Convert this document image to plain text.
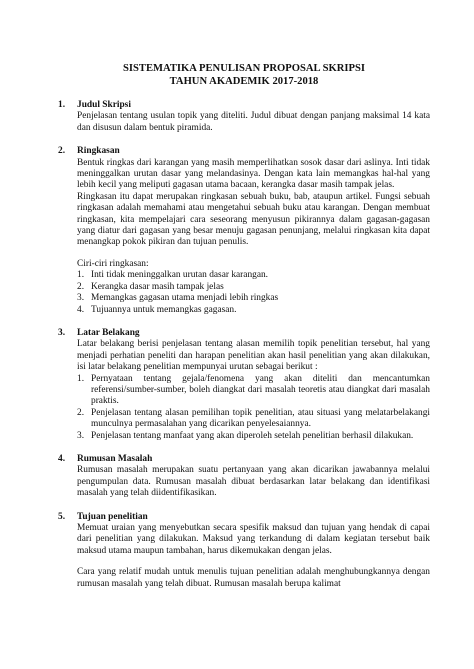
SISTEMATIKA PENULISAN PROPOSAL SKRIPSI
TAHUN AKADEMIK 2017-2018
1.	Judul Skripsi

Penjelasan tentang usulan topik yang diteliti. Judul dibuat dengan panjang maksimal 14 kata dan disusun dalam bentuk piramida.

2.	Ringkasan

Bentuk ringkas dari karangan yang masih memperlihatkan sosok dasar dari aslinya. Inti tidak meninggalkan urutan dasar yang melandasinya. Dengan kata lain memangkas hal-hal yang lebih kecil yang meliputi gagasan utama bacaan, kerangka dasar masih tampak jelas.

Ringkasan itu dapat merupakan ringkasan sebuah buku, bab, ataupun artikel. Fungsi sebuah ringkasan adalah memahami atau mengetahui sebuah buku atau karangan. Dengan membuat ringkasan, kita mempelajari cara seseorang menyusun pikirannya dalam gagasan-gagasan yang diatur dari gagasan yang besar menuju gagasan penunjang, melalui ringkasan kita dapat menangkap pokok pikiran dan tujuan penulis.

Ciri-ciri ringkasan:

1. Inti tidak meninggalkan urutan dasar karangan.
2. Kerangka dasar masih tampak jelas
3. Memangkas gagasan utama menjadi lebih ringkas
4. Tujuannya untuk memangkas gagasan.
3.	Latar Belakang

Latar belakang berisi penjelasan tentang alasan memilih topik penelitian tersebut, hal yang menjadi perhatian peneliti dan harapan penelitian akan hasil penelitian yang akan dilakukan, isi latar belakang penelitian mempunyai urutan sebagai berikut :

1. Pernyataan tentang gejala/fenomena yang akan diteliti dan mencantumkan referensi/sumber-sumber, boleh diangkat dari masalah teoretis atau diangkat dari masalah praktis.
2. Penjelasan tentang alasan pemilihan topik penelitian, atau situasi yang melatarbelakangi munculnya permasalahan yang dicarikan penyelesaiannya.
3. Penjelasan tentang manfaat yang akan diperoleh setelah penelitian berhasil dilakukan.
4.	Rumusan Masalah

Rumusan masalah merupakan suatu pertanyaan yang akan dicarikan jawabannya melalui pengumpulan data. Rumusan masalah dibuat berdasarkan latar belakang dan identifikasi masalah yang telah diidentifikasikan.

5.	Tujuan penelitian

Memuat uraian yang menyebutkan secara spesifik maksud dan tujuan yang hendak di capai dari penelitian yang dilakukan. Maksud yang terkandung di dalam kegiatan tersebut baik maksud utama maupun tambahan, harus dikemukakan dengan jelas.

Cara yang relatif mudah untuk menulis tujuan penelitian adalah menghubungkannya dengan rumusan masalah yang telah dibuat. Rumusan masalah berupa kalimat
